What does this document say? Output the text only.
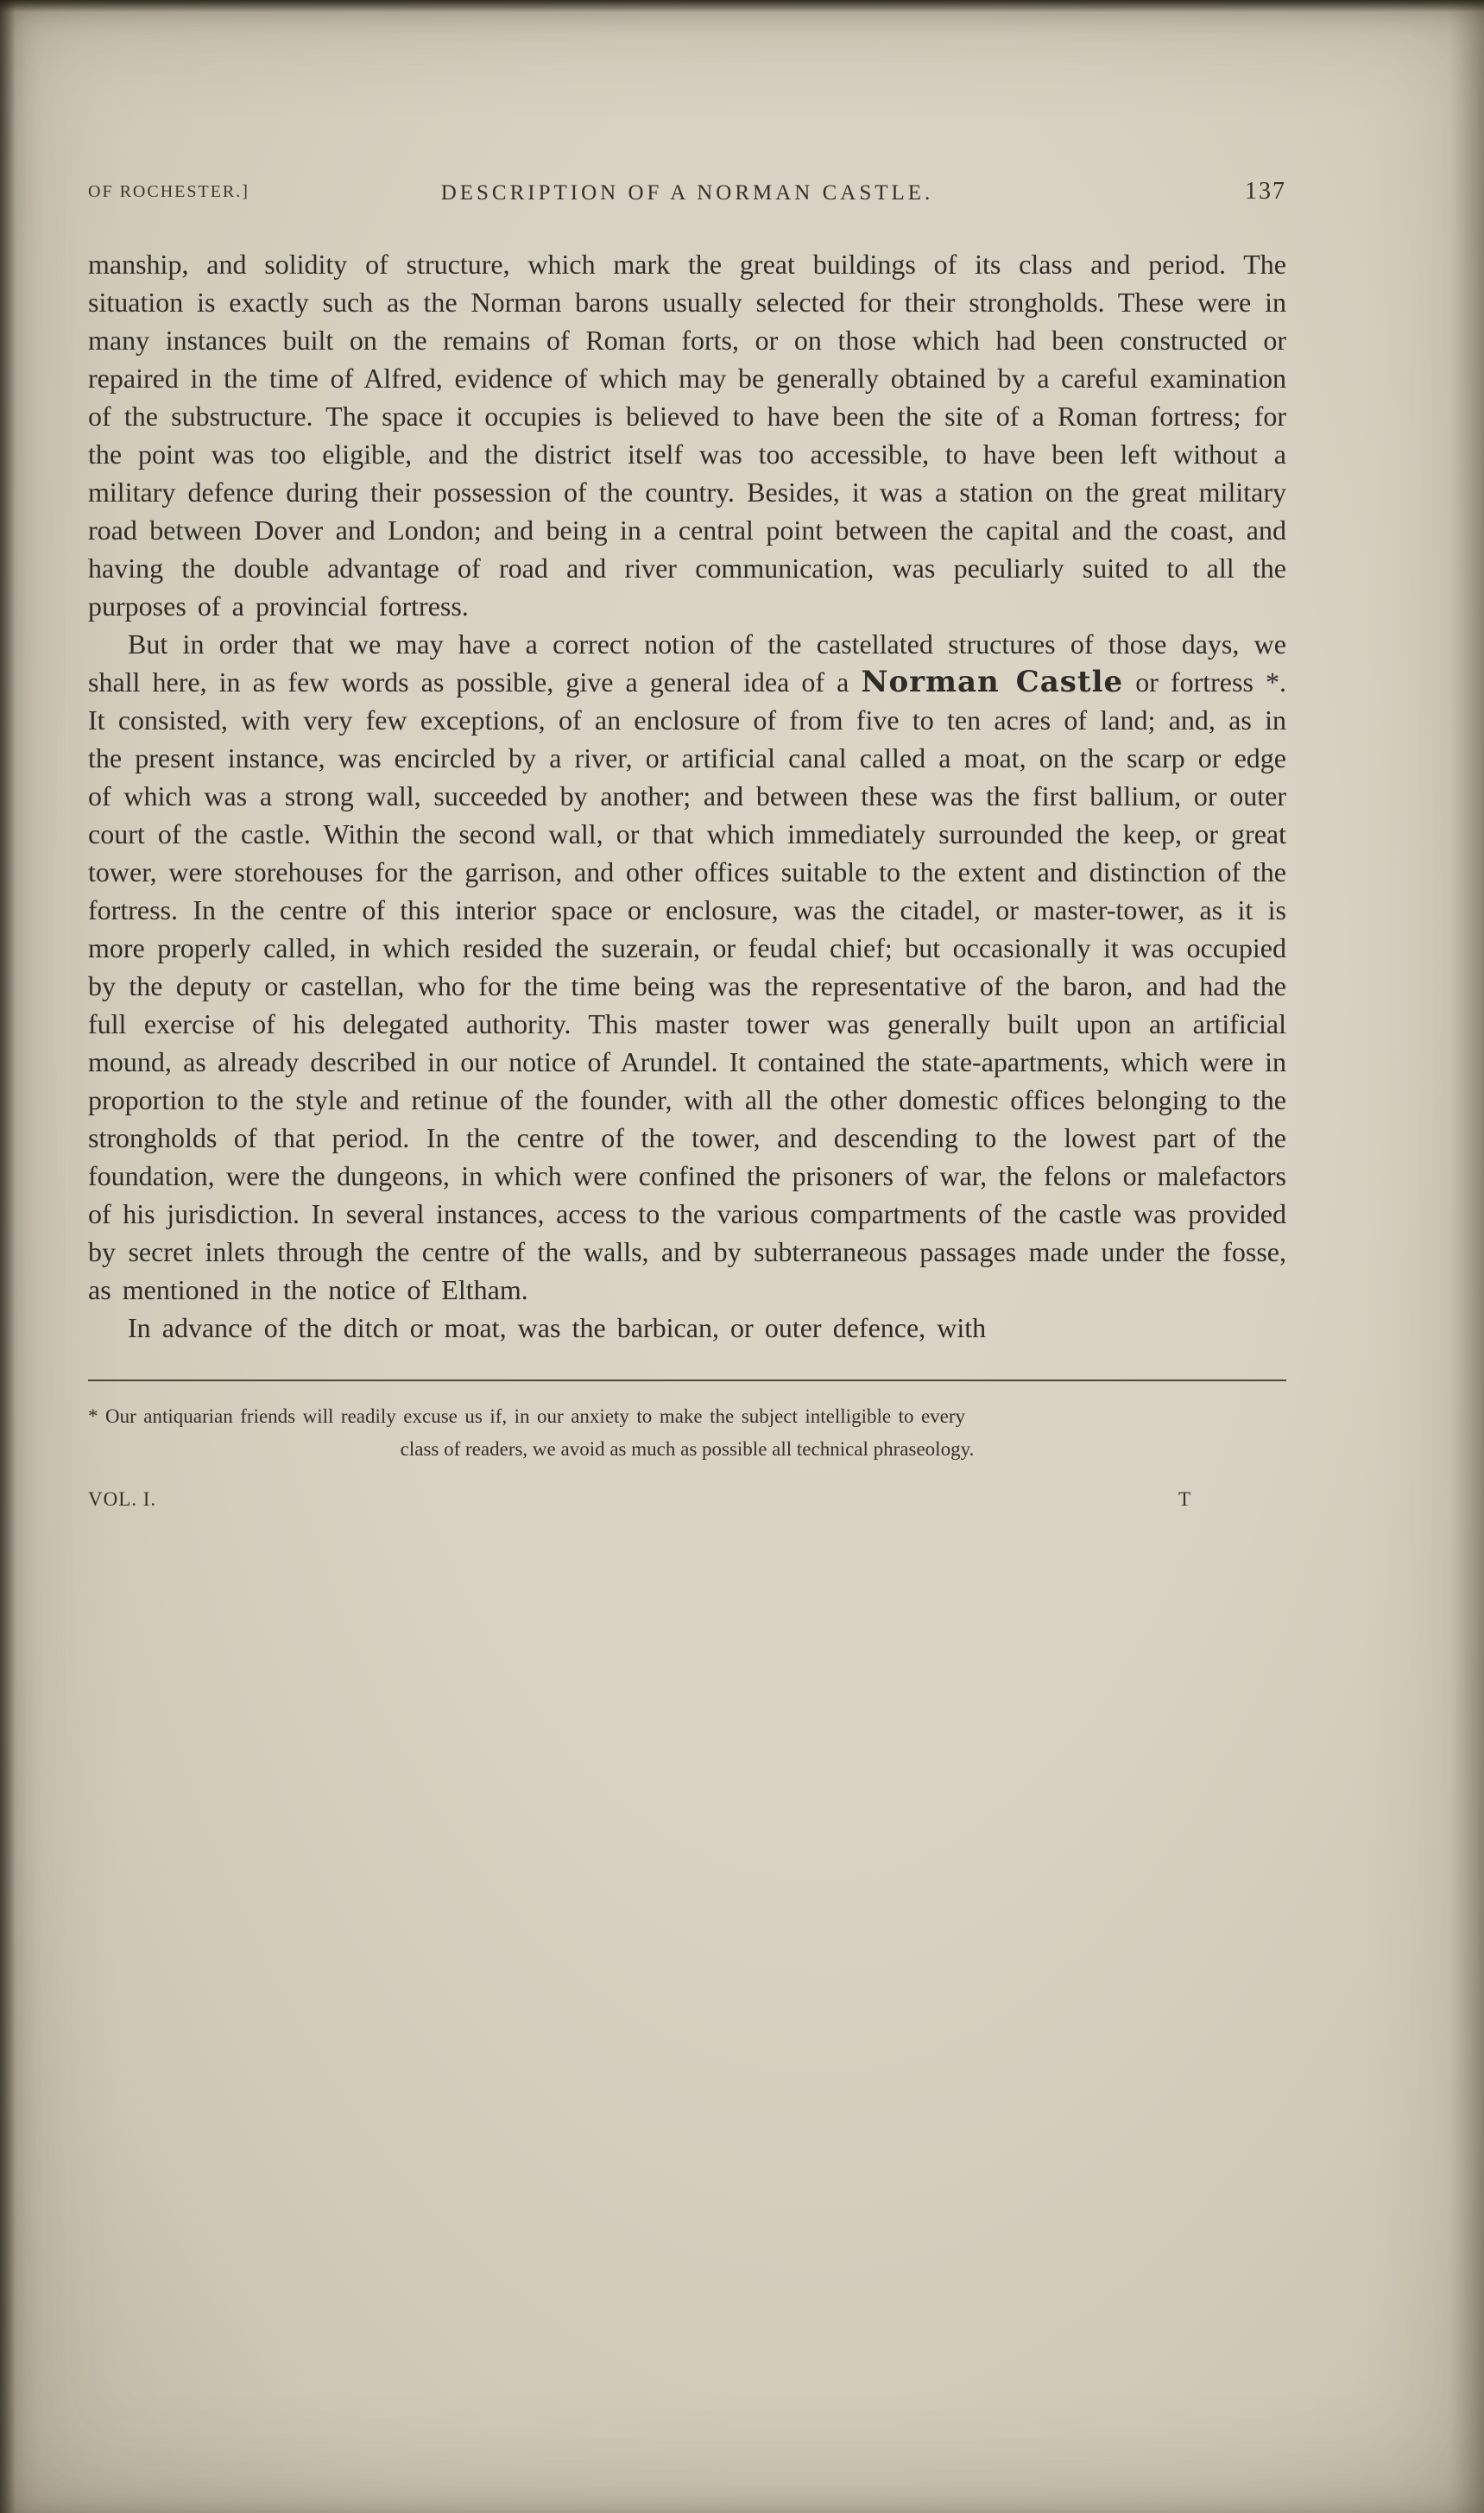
OF ROCHESTER.]	DESCRIPTION OF A NORMAN CASTLE.	137

manship, and solidity of structure, which mark the great buildings of its class and period. The situation is exactly such as the Norman barons usually selected for their strongholds. These were in many instances built on the remains of Roman forts, or on those which had been constructed or repaired in the time of Alfred, evidence of which may be generally obtained by a careful examination of the substructure. The space it occupies is believed to have been the site of a Roman fortress; for the point was too eligible, and the district itself was too accessible, to have been left without a military defence during their possession of the country. Besides, it was a station on the great military road between Dover and London; and being in a central point between the capital and the coast, and having the double advantage of road and river communication, was peculiarly suited to all the purposes of a provincial fortress.

But in order that we may have a correct notion of the castellated structures of those days, we shall here, in as few words as possible, give a general idea of a Norman Castle or fortress *. It consisted, with very few exceptions, of an enclosure of from five to ten acres of land; and, as in the present instance, was encircled by a river, or artificial canal called a moat, on the scarp or edge of which was a strong wall, succeeded by another; and between these was the first ballium, or outer court of the castle. Within the second wall, or that which immediately surrounded the keep, or great tower, were storehouses for the garrison, and other offices suitable to the extent and distinction of the fortress. In the centre of this interior space or enclosure, was the citadel, or master-tower, as it is more properly called, in which resided the suzerain, or feudal chief; but occasionally it was occupied by the deputy or castellan, who for the time being was the representative of the baron, and had the full exercise of his delegated authority. This master tower was generally built upon an artificial mound, as already described in our notice of Arundel. It contained the state-apartments, which were in proportion to the style and retinue of the founder, with all the other domestic offices belonging to the strongholds of that period. In the centre of the tower, and descending to the lowest part of the foundation, were the dungeons, in which were confined the prisoners of war, the felons or malefactors of his jurisdiction. In several instances, access to the various compartments of the castle was provided by secret inlets through the centre of the walls, and by subterraneous passages made under the fosse, as mentioned in the notice of Eltham.

In advance of the ditch or moat, was the barbican, or outer defence, with

* Our antiquarian friends will readily excuse us if, in our anxiety to make the subject intelligible to every
class of readers, we avoid as much as possible all technical phraseology.
VOL. I.	T
